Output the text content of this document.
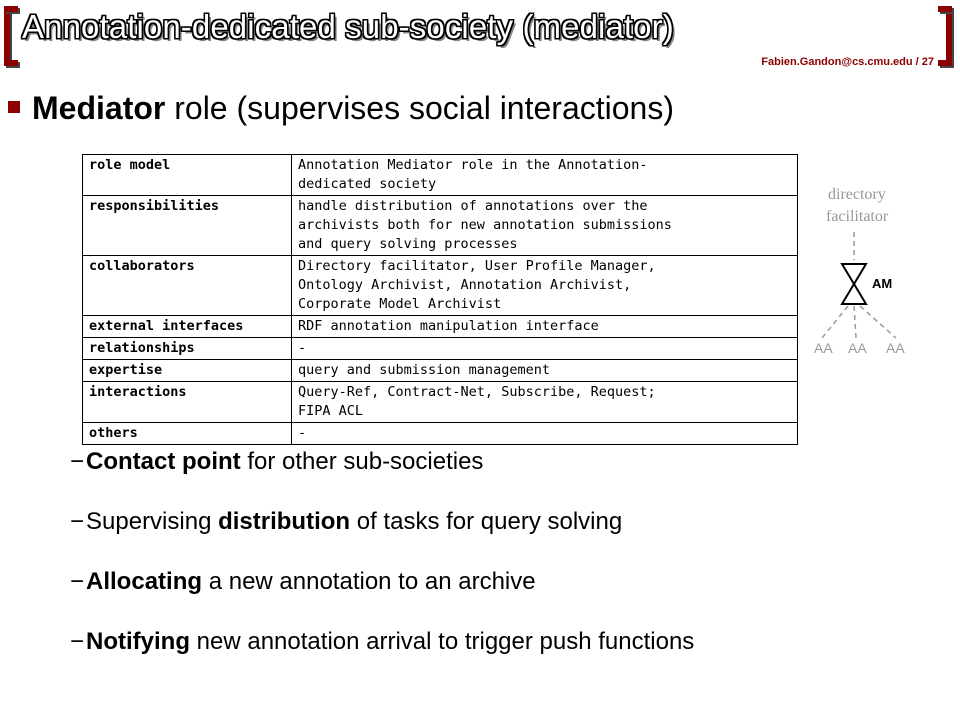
Annotation-dedicated sub-society (mediator)
Fabien.Gandon@cs.cmu.edu / 27
Mediator role (supervises social interactions)
role model	Annotation Mediator role in the Annotation-
dedicated society
responsibilities	handle distribution of annotations over the
archivists both for new annotation submissions
and query solving processes
collaborators	Directory facilitator, User Profile Manager,
Ontology Archivist, Annotation Archivist,
Corporate Model Archivist
external interfaces	RDF annotation manipulation interface
relationships	-
expertise	query and submission management
interactions	Query-Ref, Contract-Net, Subscribe, Request;
FIPA ACL
others	-
directory
facilitator
AM
AA AA AA
−Contact point for other sub-societies
−Supervising distribution of tasks for query solving
−Allocating a new annotation to an archive
−Notifying new annotation arrival to trigger push functions
